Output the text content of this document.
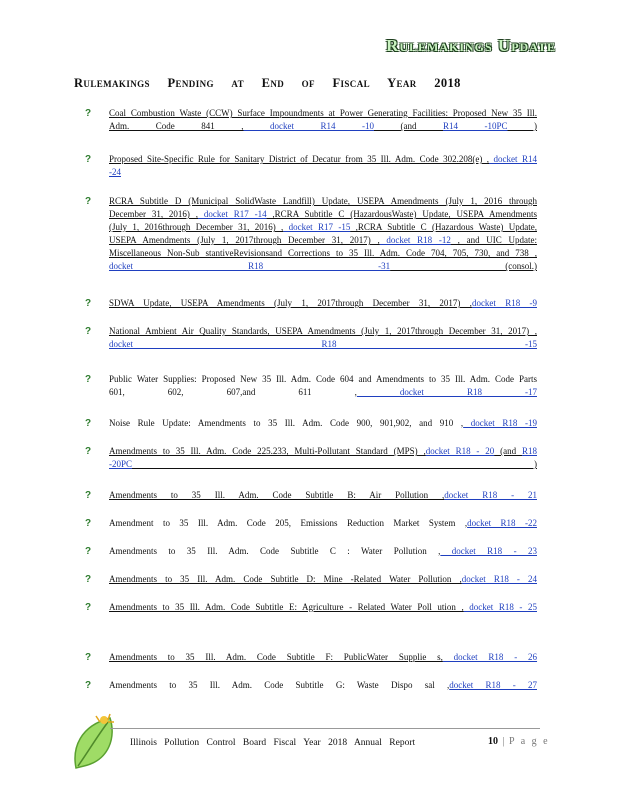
Rulemakings Update
Rulemakings Pending at End of Fiscal Year 2018
? Coal Combustion Waste (CCW) Surface Impoundments at Power Generating Facilities: Proposed New 35 Ill. Adm. Code 841 , docket R14 -10 (and R14 -10PC )
? Proposed Site-Specific Rule for Sanitary District of Decatur from 35 Ill. Adm. Code 302.208(e) , docket R14 -24
? RCRA Subtitle D (Municipal SolidWaste Landfill) Update, USEPA Amendments (July 1, 2016 through December 31, 2016) , docket R17 -14 ,RCRA Subtitle C (HazardousWaste) Update, USEPA Amendments (July 1, 2016through December 31, 2016) , docket R17 -15 ,RCRA Subtitle C (Hazardous Waste) Update, USEPA Amendments (July 1, 2017through December 31, 2017) , docket R18 -12 , and UIC Update: Miscellaneous Non-Sub stantiveRevisionsand Corrections to 35 Ill. Adm. Code 704, 705, 730, and 738 , docket R18 -31 (consol.)
? SDWA Update, USEPA Amendments (July 1, 2017through December 31, 2017) ,docket R18 -9
? National Ambient Air Quality Standards, USEPA Amendments (July 1, 2017through December 31, 2017) , docket R18 -15
? Public Water Supplies: Proposed New 35 Ill. Adm. Code 604 and Amendments to 35 Ill. Adm. Code Parts 601, 602, 607,and 611 , docket R18 -17
? Noise Rule Update: Amendments to 35 Ill. Adm. Code 900, 901,902, and 910 , docket R18 -19
? Amendments to 35 Ill. Adm. Code 225.233, Multi-Pollutant Standard (MPS) ,docket R18 - 20 (and R18 -20PC )
? Amendments to 35 Ill. Adm. Code Subtitle B: Air Pollution ,docket R18 - 21
? Amendment to 35 Ill. Adm. Code 205, Emissions Reduction Market System ,docket R18 -22
? Amendments to 35 Ill. Adm. Code Subtitle C : Water Pollution , docket R18 - 23
? Amendments to 35 Ill. Adm. Code Subtitle D: Mine -Related Water Pollution ,docket R18 - 24
? Amendments to 35 Ill. Adm. Code Subtitle E: Agriculture - Related Water Poll ution , docket R18 - 25
? Amendments to 35 Ill. Adm. Code Subtitle F: PublicWater Supplie s, docket R18 - 26
? Amendments to 35 Ill. Adm. Code Subtitle G: Waste Dispo sal ,docket R18 - 27
Illinois Pollution Control Board Fiscal Year 2018 Annual Report	10 | P a g e
